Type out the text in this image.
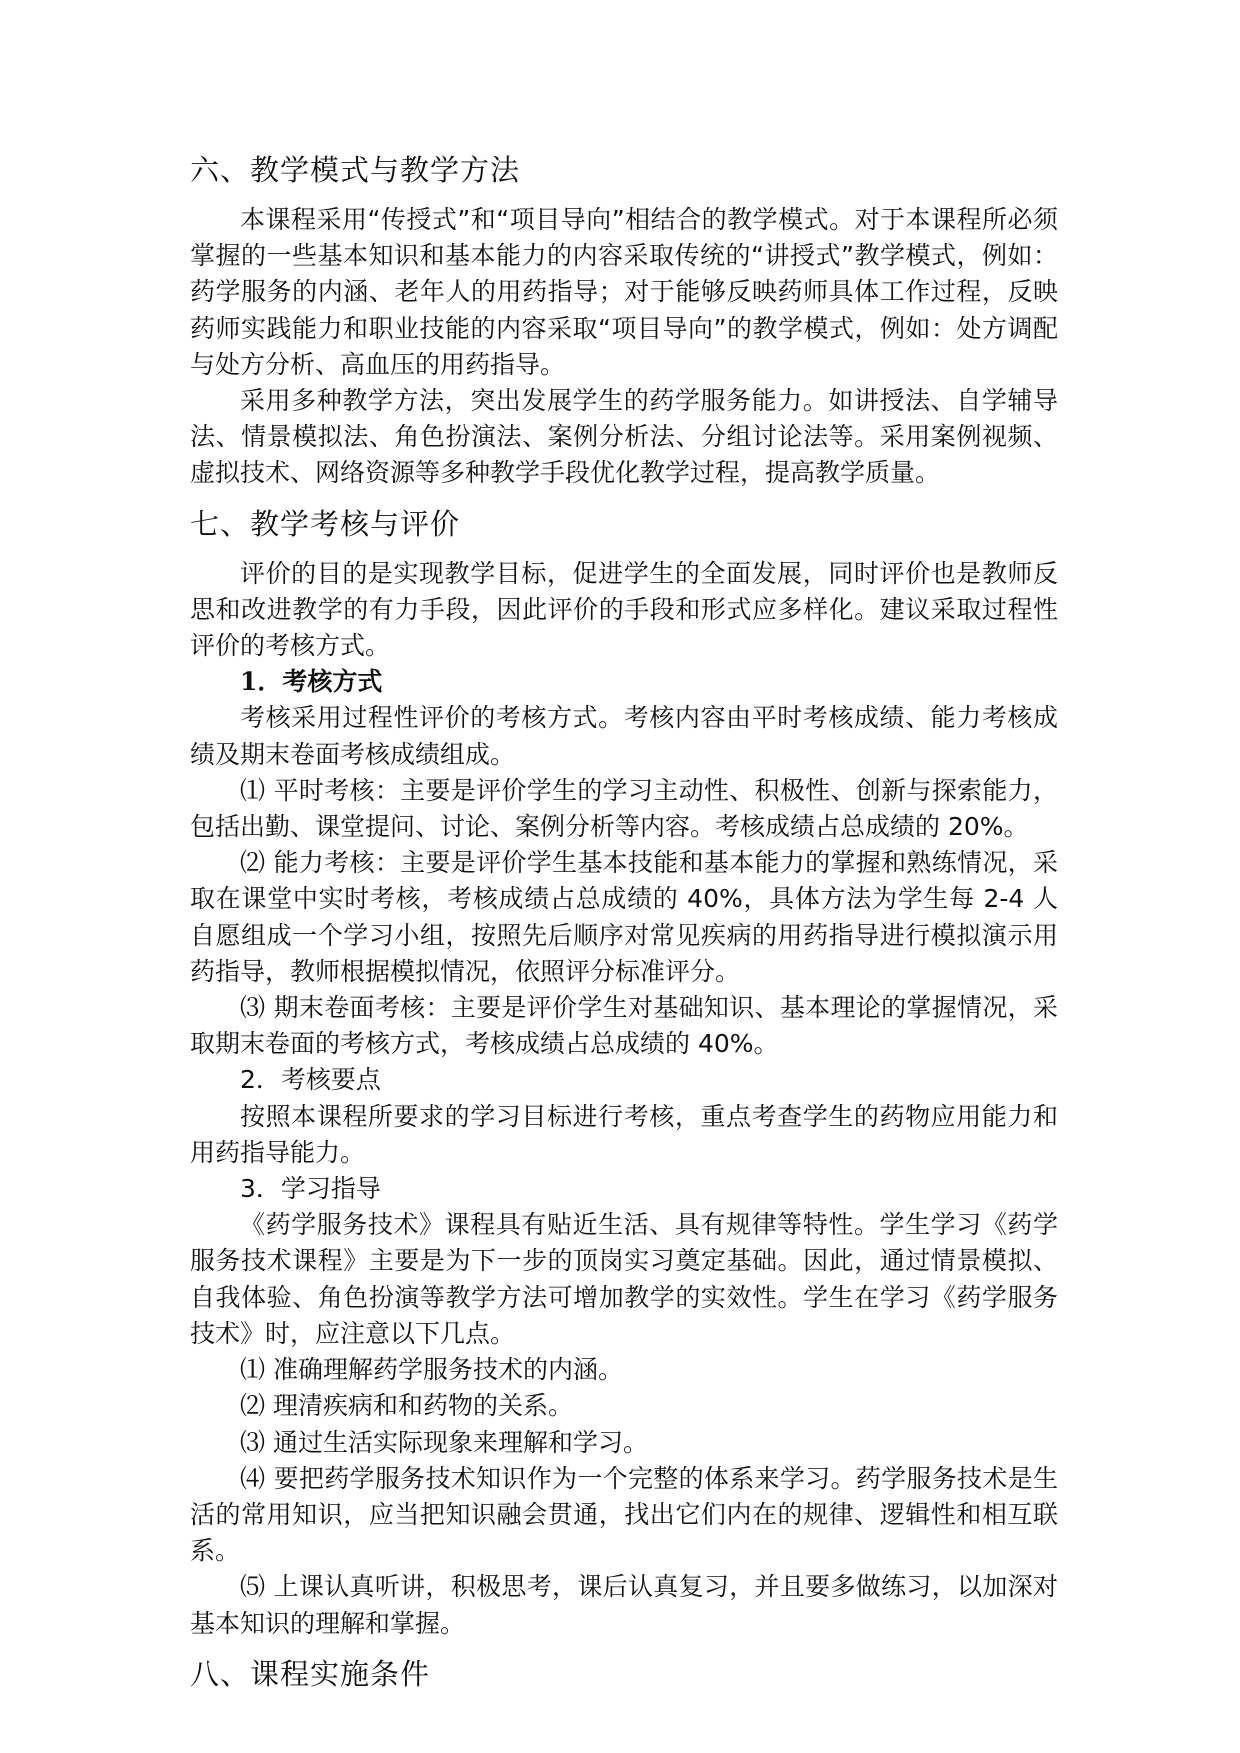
六、教学模式与教学方法

本课程采用“传授式”和“项目导向”相结合的教学模式。对于本课程所必须掌握的一些基本知识和基本能力的内容采取传统的“讲授式”教学模式，例如：药学服务的内涵、老年人的用药指导；对于能够反映药师具体工作过程，反映药师实践能力和职业技能的内容采取“项目导向”的教学模式，例如：处方调配与处方分析、高血压的用药指导。

采用多种教学方法，突出发展学生的药学服务能力。如讲授法、自学辅导法、情景模拟法、角色扮演法、案例分析法、分组讨论法等。采用案例视频、虚拟技术、网络资源等多种教学手段优化教学过程，提高教学质量。

七、教学考核与评价

评价的目的是实现教学目标，促进学生的全面发展，同时评价也是教师反思和改进教学的有力手段，因此评价的手段和形式应多样化。建议采取过程性评价的考核方式。

1．考核方式

考核采用过程性评价的考核方式。考核内容由平时考核成绩、能力考核成绩及期末卷面考核成绩组成。

⑴ 平时考核：主要是评价学生的学习主动性、积极性、创新与探索能力，包括出勤、课堂提问、讨论、案例分析等内容。考核成绩占总成绩的 20%。

⑵ 能力考核：主要是评价学生基本技能和基本能力的掌握和熟练情况，采取在课堂中实时考核，考核成绩占总成绩的 40%，具体方法为学生每 2-4 人自愿组成一个学习小组，按照先后顺序对常见疾病的用药指导进行模拟演示用药指导，教师根据模拟情况，依照评分标准评分。

⑶ 期末卷面考核：主要是评价学生对基础知识、基本理论的掌握情况，采取期末卷面的考核方式，考核成绩占总成绩的 40%。

2．考核要点

按照本课程所要求的学习目标进行考核，重点考查学生的药物应用能力和用药指导能力。

3．学习指导

《药学服务技术》课程具有贴近生活、具有规律等特性。学生学习《药学服务技术课程》主要是为下一步的顶岗实习奠定基础。因此，通过情景模拟、自我体验、角色扮演等教学方法可增加教学的实效性。学生在学习《药学服务技术》时，应注意以下几点。

⑴ 准确理解药学服务技术的内涵。

⑵ 理清疾病和和药物的关系。

⑶ 通过生活实际现象来理解和学习。

⑷ 要把药学服务技术知识作为一个完整的体系来学习。药学服务技术是生活的常用知识，应当把知识融会贯通，找出它们内在的规律、逻辑性和相互联系。

⑸ 上课认真听讲，积极思考，课后认真复习，并且要多做练习，以加深对基本知识的理解和掌握。

八、课程实施条件
